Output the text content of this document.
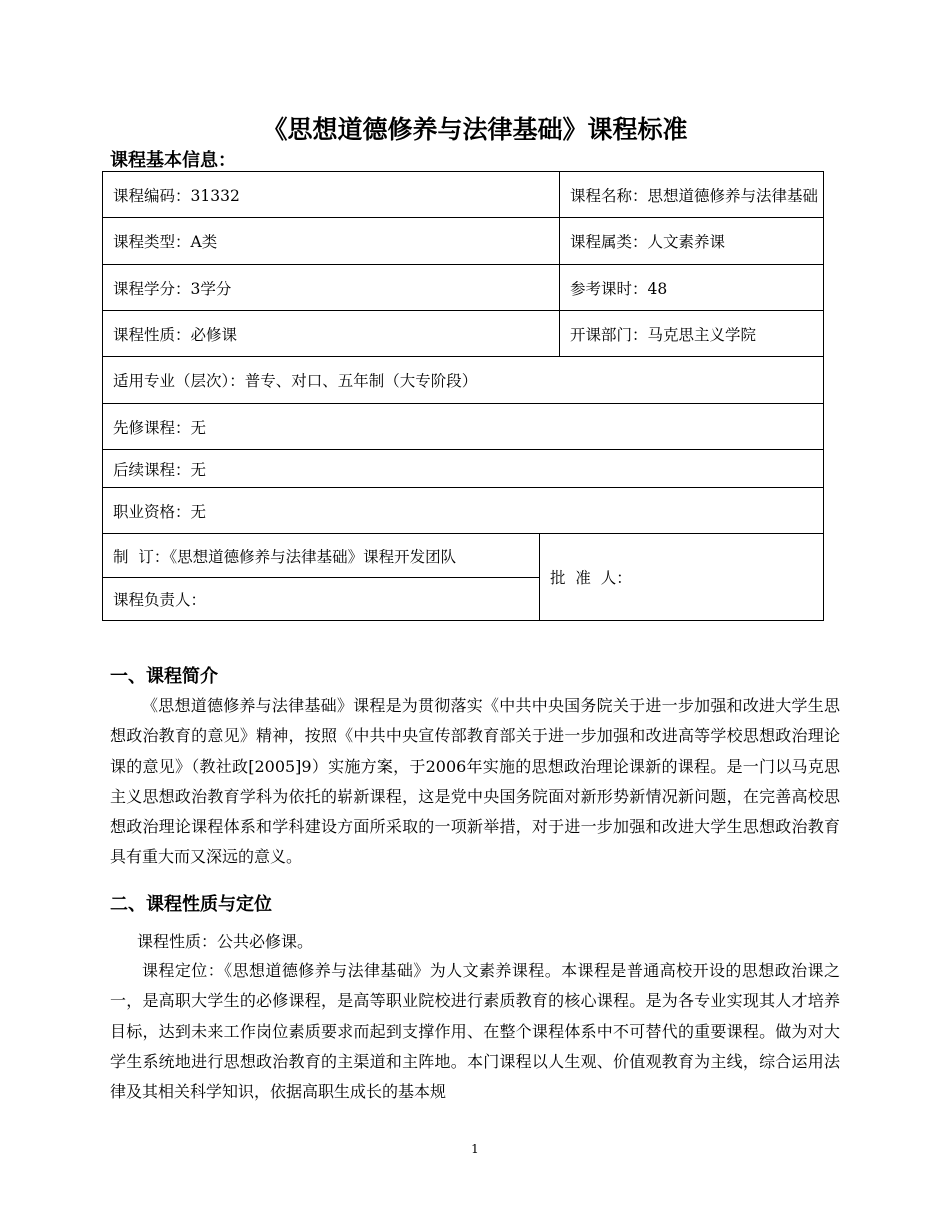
《思想道德修养与法律基础》课程标准
课程基本信息：
课程编码：31332		课程名称：思想道德修养与法律基础
课程类型：A类		课程属类：人文素养课
课程学分：3学分		参考课时：48
课程性质：必修课		开课部门：马克思主义学院
适用专业（层次）：普专、对口、五年制（大专阶段）		
先修课程：无		
后续课程：无		
职业资格：无		
制  订：《思想道德修养与法律基础》课程开发团队	批  准  人：	
课程负责人：		
一、课程简介
《思想道德修养与法律基础》课程是为贯彻落实《中共中央国务院关于进一步加强和改进大学生思想政治教育的意见》精神，按照《中共中央宣传部教育部关于进一步加强和改进高等学校思想政治理论课的意见》（教社政[2005]9）实施方案，于2006年实施的思想政治理论课新的课程。是一门以马克思主义思想政治教育学科为依托的崭新课程，这是党中央国务院面对新形势新情况新问题，在完善高校思想政治理论课程体系和学科建设方面所采取的一项新举措，对于进一步加强和改进大学生思想政治教育具有重大而又深远的意义。
二、课程性质与定位
课程性质：公共必修课。
课程定位：《思想道德修养与法律基础》为人文素养课程。本课程是普通高校开设的思想政治课之一，是高职大学生的必修课程，是高等职业院校进行素质教育的核心课程。是为各专业实现其人才培养目标，达到未来工作岗位素质要求而起到支撑作用、在整个课程体系中不可替代的重要课程。做为对大学生系统地进行思想政治教育的主渠道和主阵地。本门课程以人生观、价值观教育为主线，综合运用法律及其相关科学知识，依据高职生成长的基本规
1
